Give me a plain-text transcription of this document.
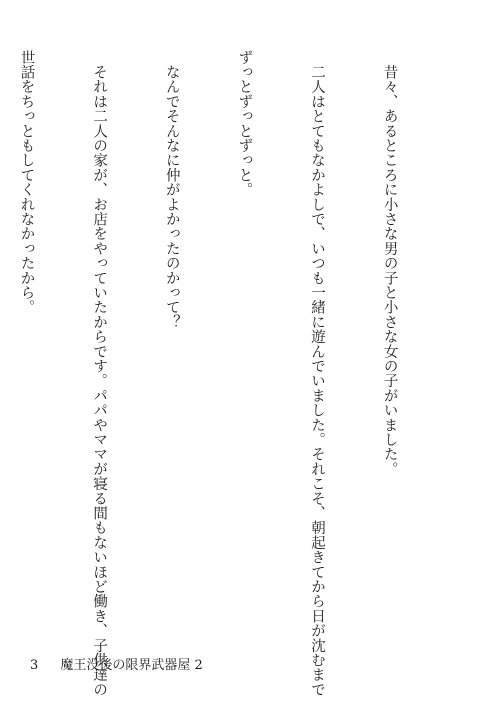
　昔々、あるところに小さな男の子と小さな女の子がいました。

　二人はとてもなかよしで、いつも一緒に遊んでいました。それこそ、朝起きてから日が沈むまで

ずっとずっとずっと。

　なんでそんなに仲がよかったのかって？

　それは二人の家が、お店をやっていたからです。パパやママが寝る間もないほど働き、子供達の

世話をちっともしてくれなかったから。

3 魔王没後の限界武器屋 2
